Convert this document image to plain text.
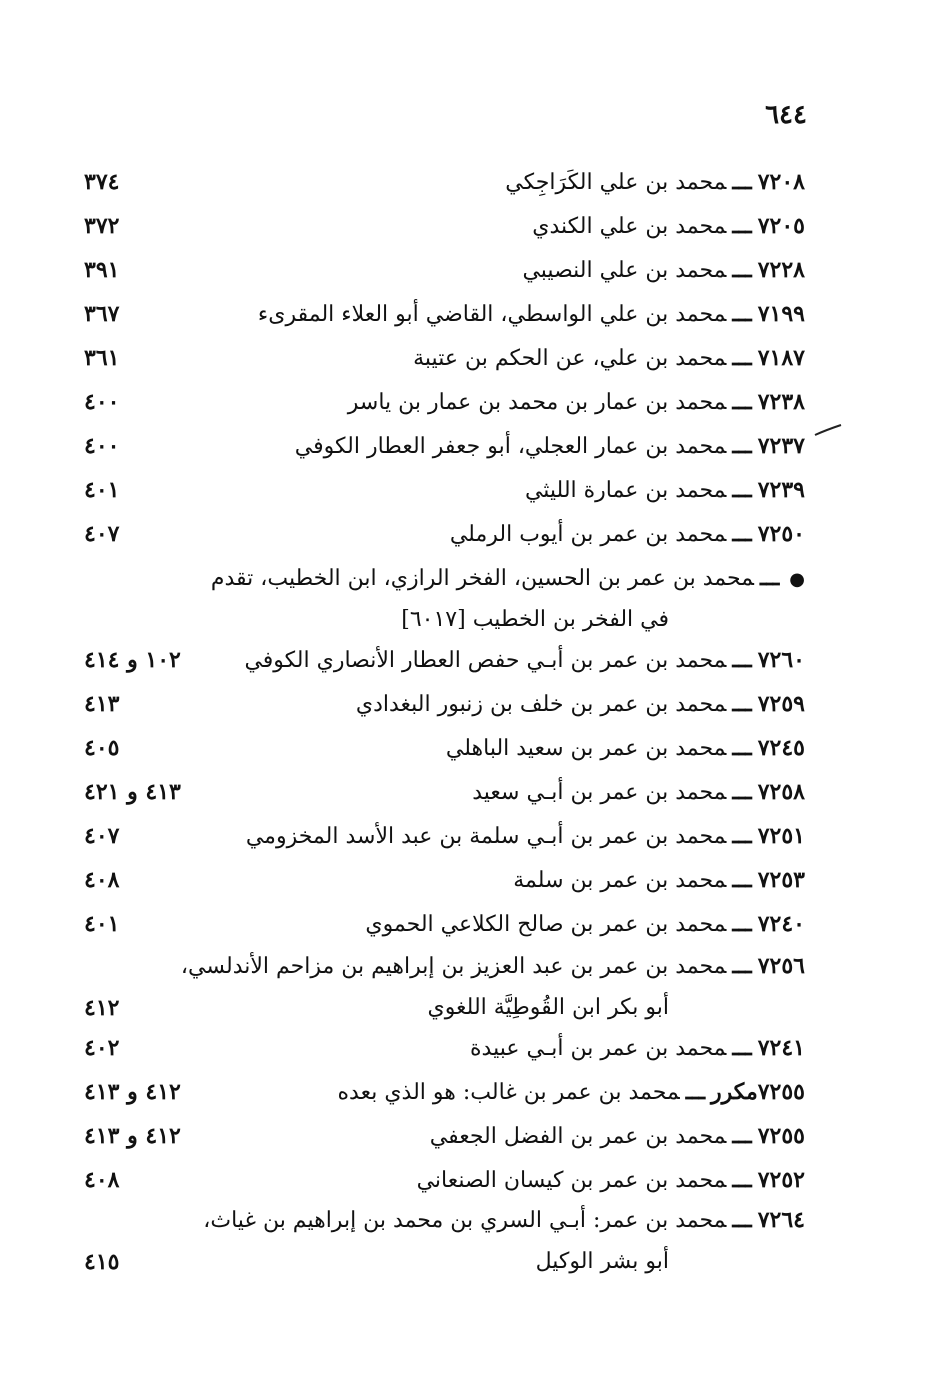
٦٤٤
٧٢٠٨ـــمحمد بن علي الكَرَاجِكي
٣٧٤
٧٢٠٥ـــمحمد بن علي الكندي
٣٧٢
٧٢٢٨ـــمحمد بن علي النصيبي
٣٩١
٧١٩٩ـــمحمد بن علي الواسطي، القاضي أبو العلاء المقرىء
٣٦٧
٧١٨٧ـــمحمد بن علي، عن الحكم بن عتيبة
٣٦١
٧٢٣٨ـــمحمد بن عمار بن محمد بن عمار بن ياسر
٤٠٠
٧٢٣٧ـــمحمد بن عمار العجلي، أبو جعفر العطار الكوفي
٤٠٠
٧٢٣٩ـــمحمد بن عمارة الليثي
٤٠١
٧٢٥٠ـــمحمد بن عمر بن أيوب الرملي
٤٠٧
●ـــمحمد بن عمر بن الحسين، الفخر الرازي، ابن الخطيب، تقدم
في الفخر بن الخطيب [٦٠١٧]
٧٢٦٠ـــمحمد بن عمر بن أبـي حفص العطار الأنصاري الكوفي
١٠٢ و ٤١٤
٧٢٥٩ـــمحمد بن عمر بن خلف بن زنبور البغدادي
٤١٣
٧٢٤٥ـــمحمد بن عمر بن سعيد الباهلي
٤٠٥
٧٢٥٨ـــمحمد بن عمر بن أبـي سعيد
٤١٣ و ٤٢١
٧٢٥١ـــمحمد بن عمر بن أبـي سلمة بن عبد الأسد المخزومي
٤٠٧
٧٢٥٣ـــمحمد بن عمر بن سلمة
٤٠٨
٧٢٤٠ـــمحمد بن عمر بن صالح الكلاعي الحموي
٤٠١
٧٢٥٦ـــمحمد بن عمر بن عبد العزيز بن إبراهيم بن مزاحم الأندلسي،
أبو بكر ابن القُوطِيَّة اللغوي
٤١٢
٧٢٤١ـــمحمد بن عمر بن أبـي عبيدة
٤٠٢
٧٢٥٥مكررـــمحمد بن عمر بن غالب: هو الذي بعده
٤١٢ و ٤١٣
٧٢٥٥ـــمحمد بن عمر بن الفضل الجعفي
٤١٢ و ٤١٣
٧٢٥٢ـــمحمد بن عمر بن كيسان الصنعاني
٤٠٨
٧٢٦٤ـــمحمد بن عمر: أبـي السري بن محمد بن إبراهيم بن غياث،
أبو بشر الوكيل
٤١٥
